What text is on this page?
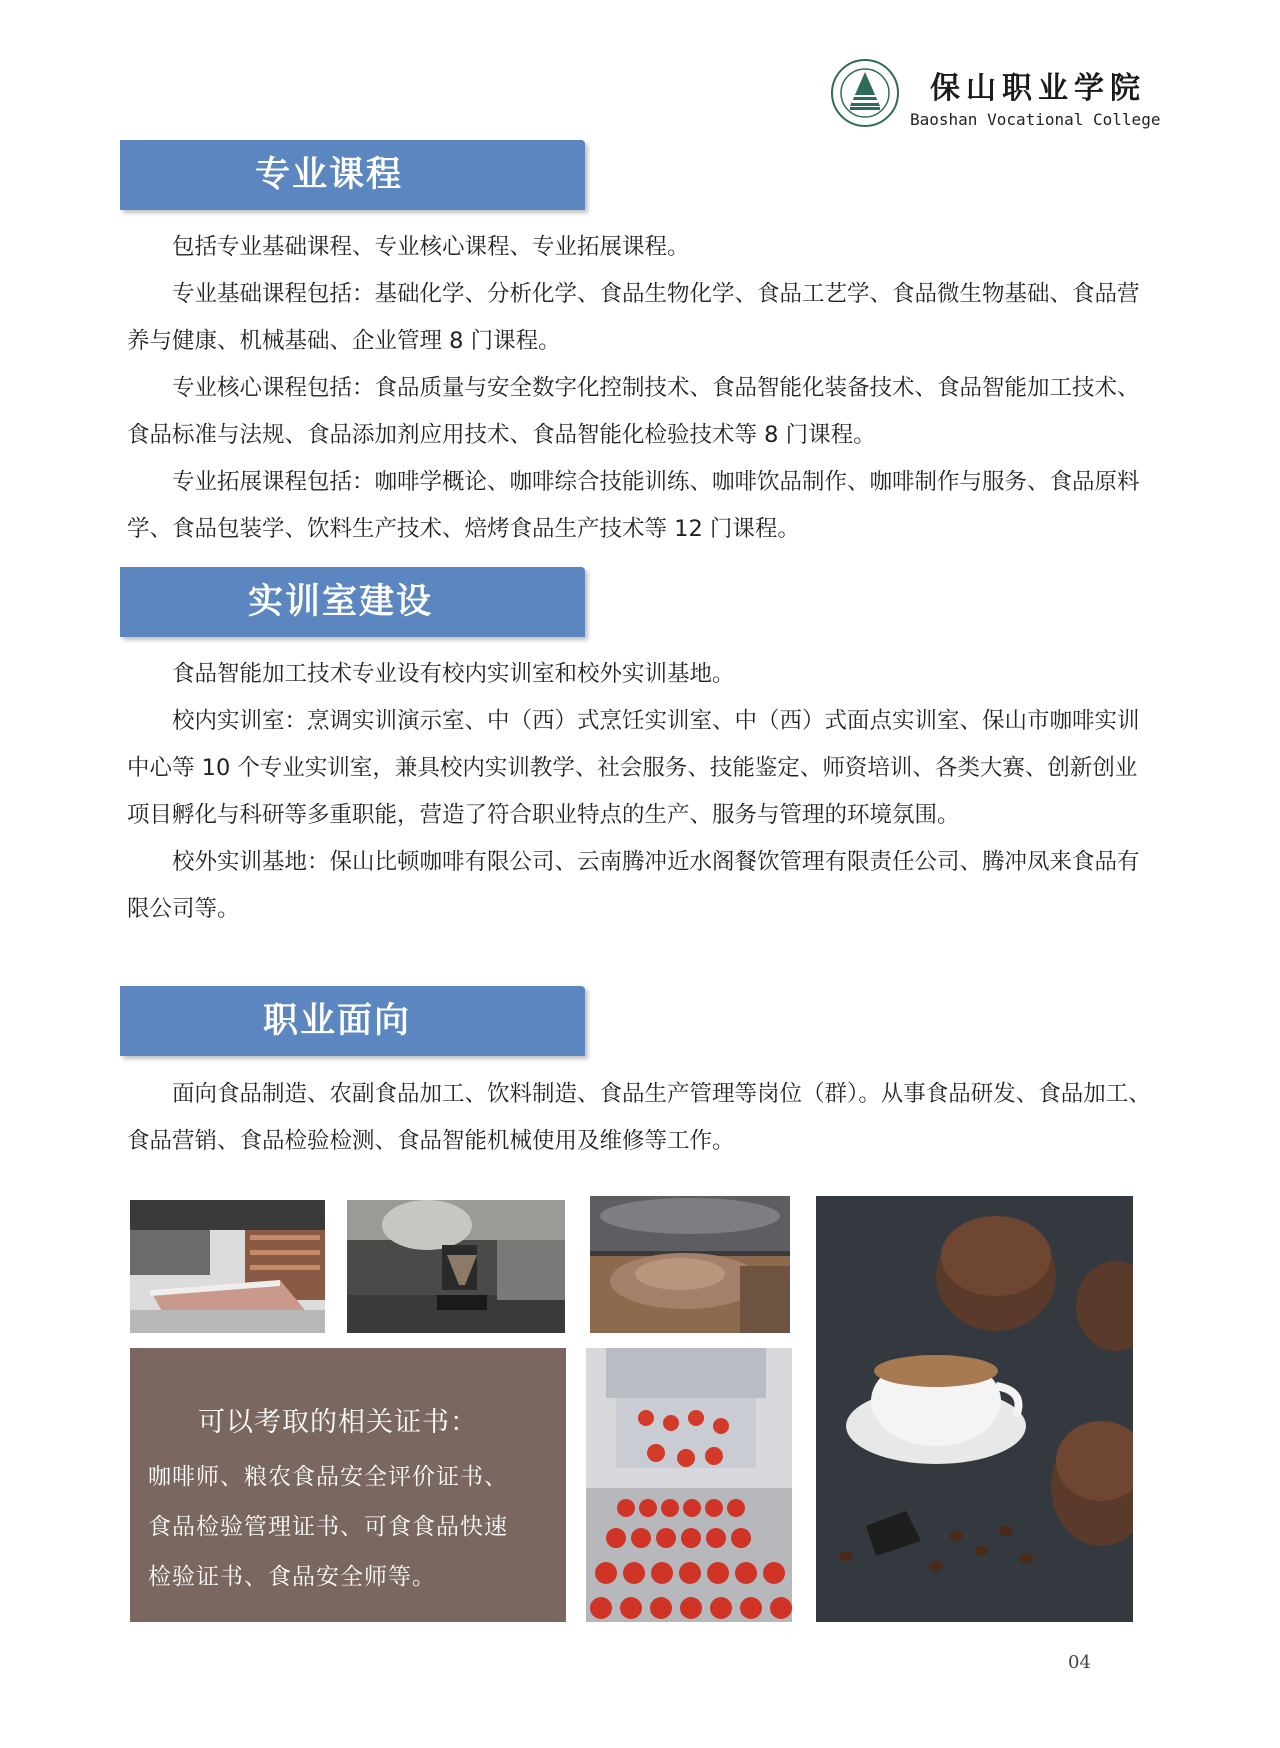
保山职业学院
Baoshan Vocational College
专业课程

包括专业基础课程、专业核心课程、专业拓展课程。

专业基础课程包括：基础化学、分析化学、食品生物化学、食品工艺学、食品微生物基础、食品营养与健康、机械基础、企业管理 8 门课程。

专业核心课程包括：食品质量与安全数字化控制技术、食品智能化装备技术、食品智能加工技术、食品标准与法规、食品添加剂应用技术、食品智能化检验技术等 8 门课程。

专业拓展课程包括：咖啡学概论、咖啡综合技能训练、咖啡饮品制作、咖啡制作与服务、食品原料学、食品包装学、饮料生产技术、焙烤食品生产技术等 12 门课程。

实训室建设

食品智能加工技术专业设有校内实训室和校外实训基地。

校内实训室：烹调实训演示室、中（西）式烹饪实训室、中（西）式面点实训室、保山市咖啡实训中心等 10 个专业实训室，兼具校内实训教学、社会服务、技能鉴定、师资培训、各类大赛、创新创业项目孵化与科研等多重职能，营造了符合职业特点的生产、服务与管理的环境氛围。

校外实训基地：保山比顿咖啡有限公司、云南腾冲近水阁餐饮管理有限责任公司、腾冲凤来食品有限公司等。

职业面向

面向食品制造、农副食品加工、饮料制造、食品生产管理等岗位（群）。从事食品研发、食品加工、食品营销、食品检验检测、食品智能机械使用及维修等工作。

可以考取的相关证书：
咖啡师、粮农食品安全评价证书、
食品检验管理证书、可食食品快速
检验证书、食品安全师等。
04
